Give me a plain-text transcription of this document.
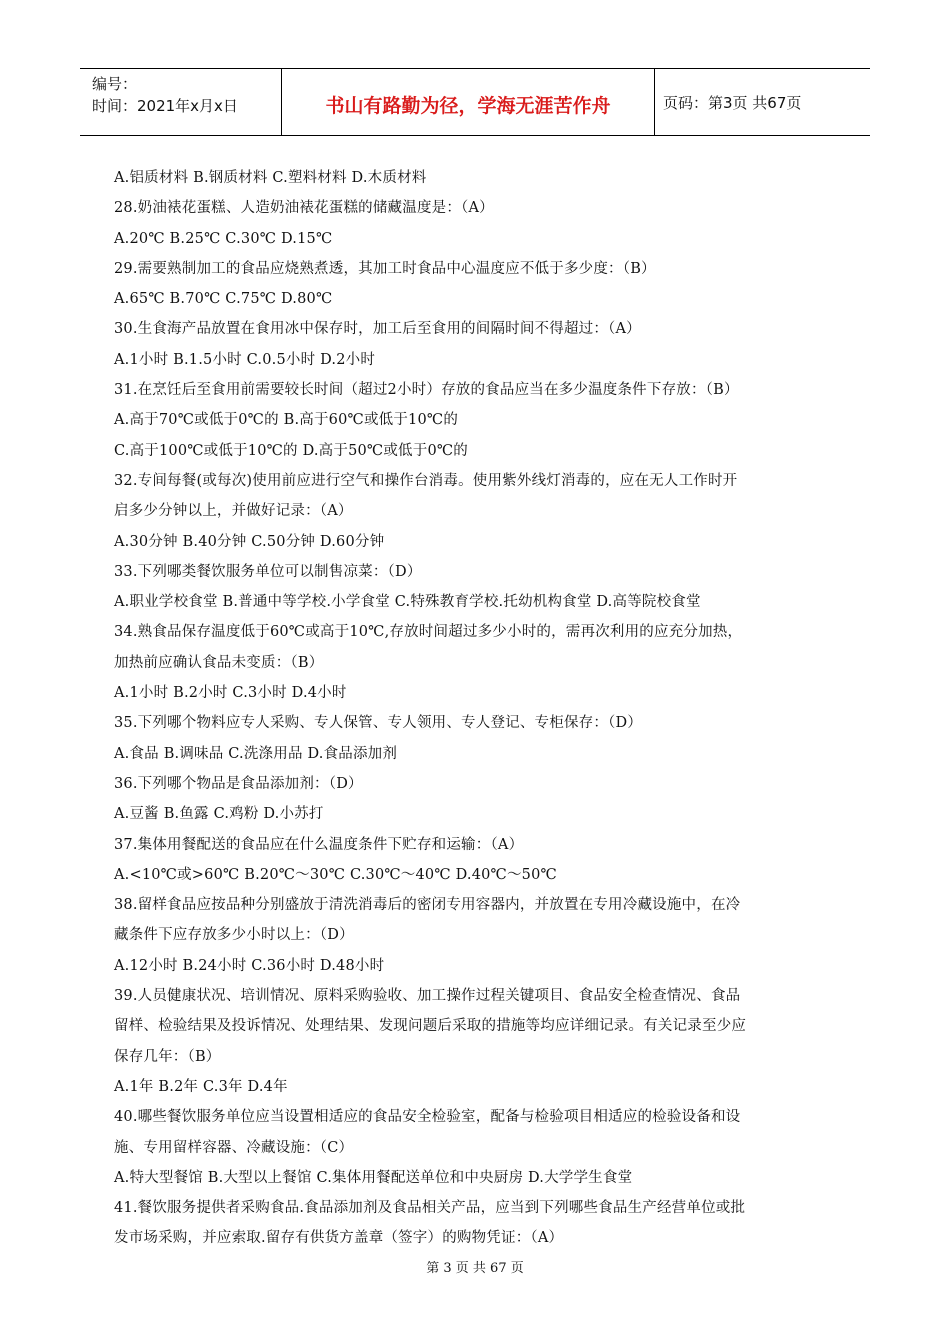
编号：
时间：2021年x月x日	书山有路勤为径，学海无涯苦作舟	页码：第3页 共67页
A.铝质材料 B.钢质材料 C.塑料材料 D.木质材料
28.奶油裱花蛋糕、人造奶油裱花蛋糕的储藏温度是：（A）
A.20℃ B.25℃ C.30℃ D.15℃
29.需要熟制加工的食品应烧熟煮透，其加工时食品中心温度应不低于多少度：（B）
A.65℃ B.70℃ C.75℃ D.80℃
30.生食海产品放置在食用冰中保存时，加工后至食用的间隔时间不得超过：（A）
A.1小时 B.1.5小时 C.0.5小时 D.2小时
31.在烹饪后至食用前需要较长时间（超过2小时）存放的食品应当在多少温度条件下存放：（B）
A.高于70℃或低于0℃的 B.高于60℃或低于10℃的
C.高于100℃或低于10℃的 D.高于50℃或低于0℃的
32.专间每餐(或每次)使用前应进行空气和操作台消毒。使用紫外线灯消毒的，应在无人工作时开
启多少分钟以上，并做好记录：（A）
A.30分钟 B.40分钟 C.50分钟 D.60分钟
33.下列哪类餐饮服务单位可以制售凉菜：（D）
A.职业学校食堂 B.普通中等学校.小学食堂 C.特殊教育学校.托幼机构食堂 D.高等院校食堂
34.熟食品保存温度低于60℃或高于10℃,存放时间超过多少小时的，需再次利用的应充分加热，
加热前应确认食品未变质：（B）
A.1小时 B.2小时 C.3小时 D.4小时
35.下列哪个物料应专人采购、专人保管、专人领用、专人登记、专柜保存：（D）
A.食品 B.调味品 C.洗涤用品 D.食品添加剂
36.下列哪个物品是食品添加剂：（D）
A.豆酱 B.鱼露 C.鸡粉 D.小苏打
37.集体用餐配送的食品应在什么温度条件下贮存和运输：（A）
A.<10℃或>60℃ B.20℃～30℃ C.30℃～40℃ D.40℃～50℃
38.留样食品应按品种分别盛放于清洗消毒后的密闭专用容器内，并放置在专用冷藏设施中，在冷
藏条件下应存放多少小时以上：（D）
A.12小时 B.24小时 C.36小时 D.48小时
39.人员健康状况、培训情况、原料采购验收、加工操作过程关键项目、食品安全检查情况、食品
留样、检验结果及投诉情况、处理结果、发现问题后采取的措施等均应详细记录。有关记录至少应
保存几年：（B）
A.1年 B.2年 C.3年 D.4年
40.哪些餐饮服务单位应当设置相适应的食品安全检验室，配备与检验项目相适应的检验设备和设
施、专用留样容器、冷藏设施：（C）
A.特大型餐馆 B.大型以上餐馆 C.集体用餐配送单位和中央厨房 D.大学学生食堂
41.餐饮服务提供者采购食品.食品添加剂及食品相关产品，应当到下列哪些食品生产经营单位或批
发市场采购，并应索取.留存有供货方盖章（签字）的购物凭证：（A）
第 3 页 共 67 页
